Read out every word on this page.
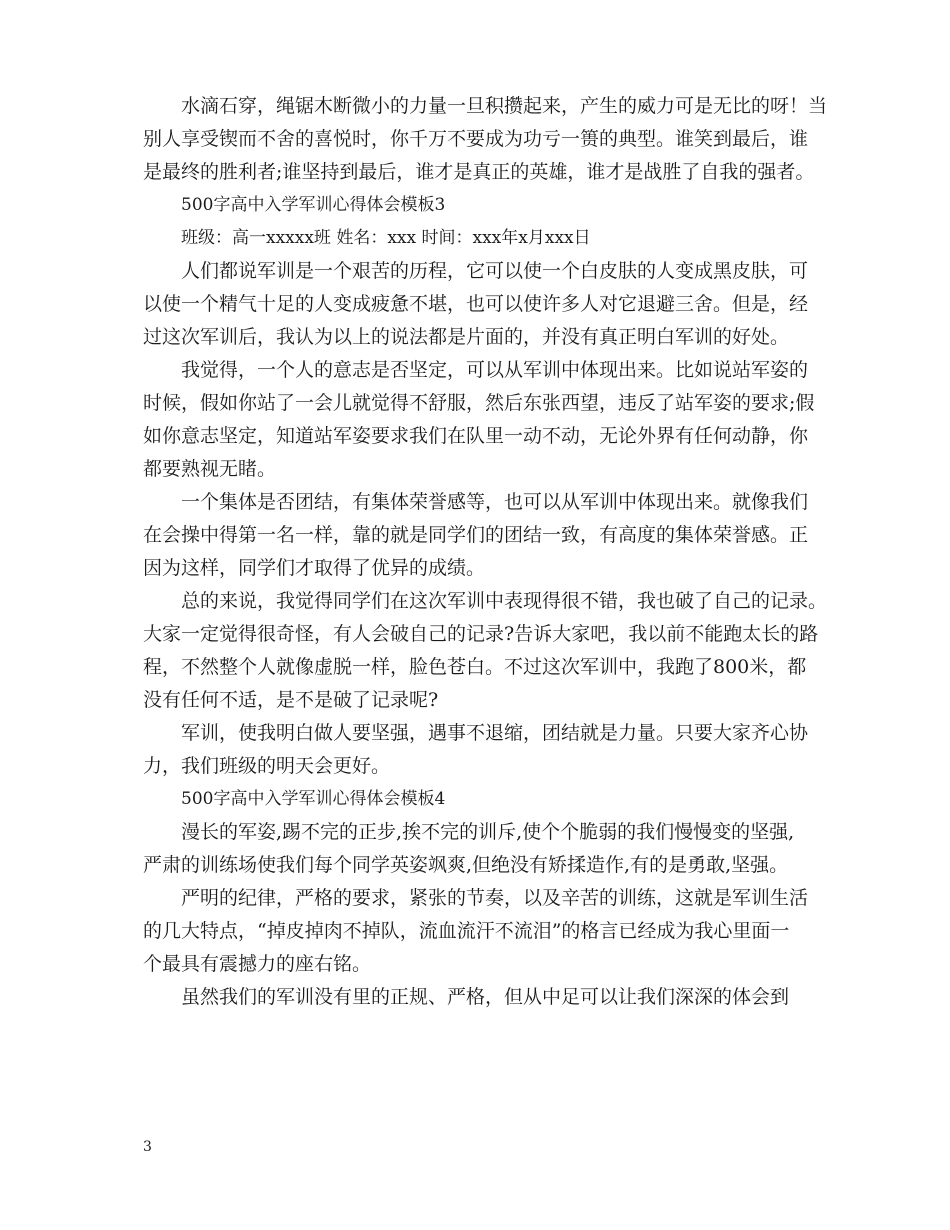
水滴石穿，绳锯木断微小的力量一旦积攒起来，产生的威力可是无比的呀！当
别人享受锲而不舍的喜悦时，你千万不要成为功亏一篑的典型。谁笑到最后，谁
是最终的胜利者;谁坚持到最后，谁才是真正的英雄，谁才是战胜了自我的强者。
500字高中入学军训心得体会模板3
班级：高一xxxxx班 姓名：xxx 时间：xxx年x月xxx日
人们都说军训是一个艰苦的历程，它可以使一个白皮肤的人变成黑皮肤，可
以使一个精气十足的人变成疲惫不堪，也可以使许多人对它退避三舍。但是，经
过这次军训后，我认为以上的说法都是片面的，并没有真正明白军训的好处。
我觉得，一个人的意志是否坚定，可以从军训中体现出来。比如说站军姿的
时候，假如你站了一会儿就觉得不舒服，然后东张西望，违反了站军姿的要求;假
如你意志坚定，知道站军姿要求我们在队里一动不动，无论外界有任何动静，你
都要熟视无睹。
一个集体是否团结，有集体荣誉感等，也可以从军训中体现出来。就像我们
在会操中得第一名一样，靠的就是同学们的团结一致，有高度的集体荣誉感。正
因为这样，同学们才取得了优异的成绩。
总的来说，我觉得同学们在这次军训中表现得很不错，我也破了自己的记录。
大家一定觉得很奇怪，有人会破自己的记录?告诉大家吧，我以前不能跑太长的路
程，不然整个人就像虚脱一样，脸色苍白。不过这次军训中，我跑了800米，都
没有任何不适，是不是破了记录呢?
军训，使我明白做人要坚强，遇事不退缩，团结就是力量。只要大家齐心协
力，我们班级的明天会更好。
500字高中入学军训心得体会模板4
漫长的军姿,踢不完的正步,挨不完的训斥,使个个脆弱的我们慢慢变的坚强,
严肃的训练场使我们每个同学英姿飒爽,但绝没有矫揉造作,有的是勇敢,坚强。
严明的纪律，严格的要求，紧张的节奏，以及辛苦的训练，这就是军训生活
的几大特点，“掉皮掉肉不掉队，流血流汗不流泪”的格言已经成为我心里面一
个最具有震撼力的座右铭。
虽然我们的军训没有里的正规、严格，但从中足可以让我们深深的体会到
3
